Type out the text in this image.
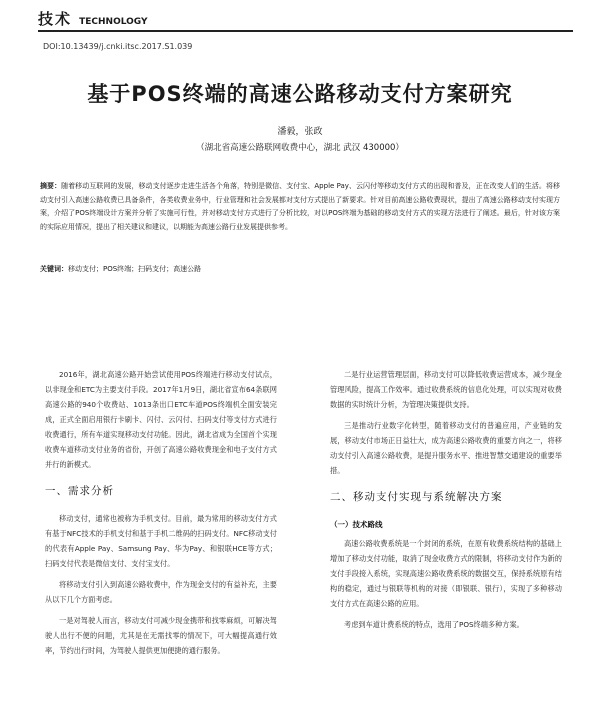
技术 TECHNOLOGY
DOI:10.13439/j.cnki.itsc.2017.S1.039
基于POS终端的高速公路移动支付方案研究
潘毅，张政
（湖北省高速公路联网收费中心，湖北 武汉 430000）
摘要：随着移动互联网的发展，移动支付逐步走进生活各个角落，特别是微信、支付宝、Apple Pay、云闪付等移动支付方式的出现和普及，正在改变人们的生活。将移动支付引入高速公路收费已具备条件，各类收费业务中，行业管理和社会发展都对支付方式提出了新要求。针对目前高速公路收费现状，提出了高速公路移动支付实现方案，介绍了POS终端设计方案并分析了实施可行性，并对移动支付方式进行了分析比较，对以POS终端为基础的移动支付方式的实现方法进行了阐述。最后，针对该方案的实际应用情况，提出了相关建议和建议，以期能为高速公路行业发展提供参考。
关键词：移动支付；POS终端；扫码支付；高速公路

2016年，湖北高速公路开始尝试使用POS终端进行移动支付试点，以非现金和ETC为主要支付手段。2017年1月9日，湖北省宣布64条联网高速公路的940个收费站、1013条出口ETC车道POS终端机全面安装完成，正式全面启用银行卡刷卡、闪付、云闪付、扫码支付等支付方式进行收费通行，所有车道实现移动支付功能。因此，湖北省成为全国首个实现收费车道移动支付业务的省份，开创了高速公路收费现金和电子支付方式并行的新模式。

一、需求分析

移动支付，通常也被称为手机支付。目前，最为常用的移动支付方式有基于NFC技术的手机支付和基于手机二维码的扫码支付。NFC移动支付的代表有Apple Pay、Samsung Pay、华为Pay、和银联HCE等方式；扫码支付代表是微信支付、支付宝支付。

将移动支付引入到高速公路收费中，作为现金支付的有益补充，主要从以下几个方面考虑。

一是对驾驶人而言，移动支付可减少现金携带和找零麻烦，可解决驾驶人出行不便的问题，尤其是在无需找零的情况下，可大幅提高通行效率，节约出行时间，为驾驶人提供更加便捷的通行服务。

二是行业运营管理层面，移动支付可以降低收费运营成本，减少现金管理风险，提高工作效率。通过收费系统的信息化处理，可以实现对收费数据的实时统计分析，为管理决策提供支持。

三是推动行业数字化转型，随着移动支付的普遍应用，产业链的发展，移动支付市场正日益壮大，成为高速公路收费的重要方向之一，将移动支付引入高速公路收费，是提升服务水平、推进智慧交通建设的重要举措。

二、移动支付实现与系统解决方案
（一）技术路线

高速公路收费系统是一个封闭的系统，在原有收费系统结构的基础上增加了移动支付功能，取消了现金收费方式的限制，将移动支付作为新的支付手段接入系统，实现高速公路收费系统的数据交互，保持系统原有结构的稳定，通过与银联等机构的对接（即银联、银行），实现了多种移动支付方式在高速公路的应用。

考虑到车道计费系统的特点，选用了POS终端多种方案。
